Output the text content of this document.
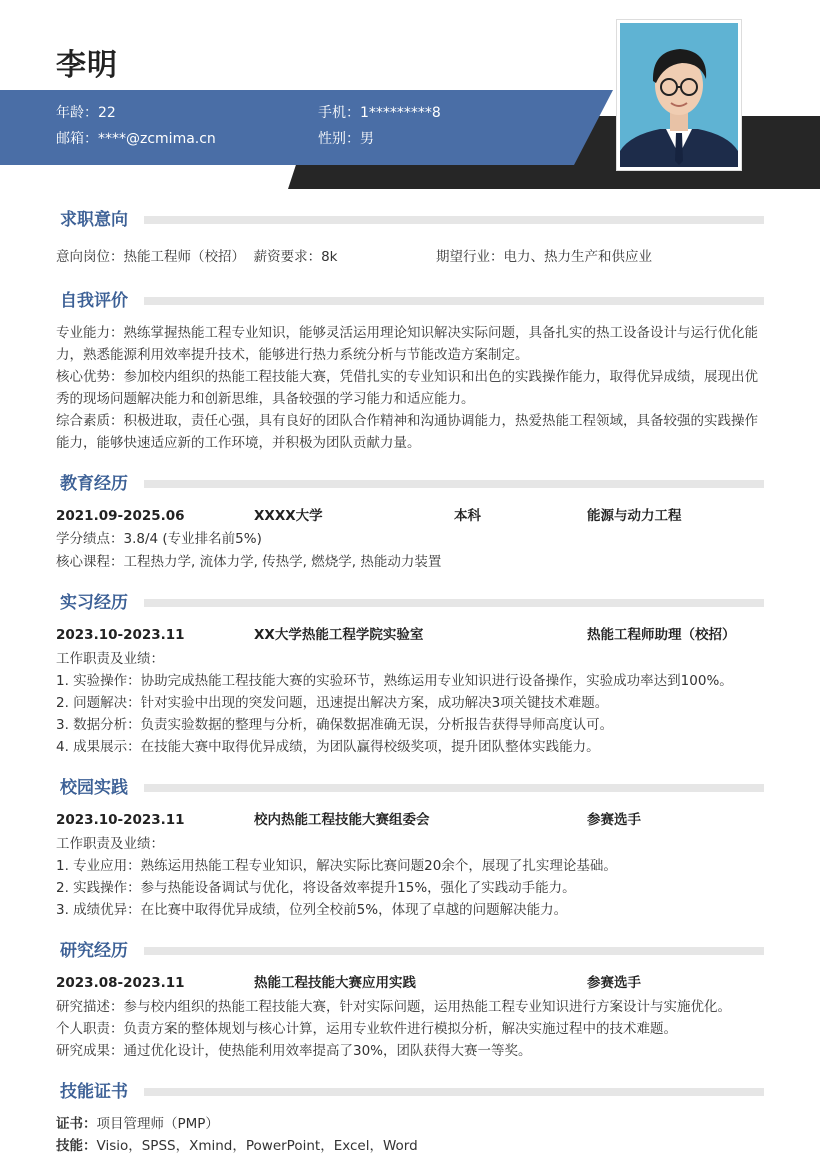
李明
年龄：22	手机：1*********8
邮箱：****@zcmima.cn	性别：男
求职意向
意向岗位：热能工程师（校招） 薪资要求：8k	期望行业：电力、热力生产和供应业
自我评价
专业能力：熟练掌握热能工程专业知识，能够灵活运用理论知识解决实际问题，具备扎实的热工设备设计与运行优化能力，熟悉能源利用效率提升技术，能够进行热力系统分析与节能改造方案制定。
核心优势：参加校内组织的热能工程技能大赛，凭借扎实的专业知识和出色的实践操作能力，取得优异成绩，展现出优秀的现场问题解决能力和创新思维，具备较强的学习能力和适应能力。
综合素质：积极进取，责任心强，具有良好的团队合作精神和沟通协调能力，热爱热能工程领域，具备较强的实践操作能力，能够快速适应新的工作环境，并积极为团队贡献力量。
教育经历
2021.09-2025.06	XXXX大学	本科	能源与动力工程
学分绩点：3.8/4 (专业排名前5%)
核心课程：工程热力学, 流体力学, 传热学, 燃烧学, 热能动力装置
实习经历
2023.10-2023.11	XX大学热能工程学院实验室	热能工程师助理（校招）
工作职责及业绩：
1. 实验操作：协助完成热能工程技能大赛的实验环节，熟练运用专业知识进行设备操作，实验成功率达到100%。
2. 问题解决：针对实验中出现的突发问题，迅速提出解决方案，成功解决3项关键技术难题。
3. 数据分析：负责实验数据的整理与分析，确保数据准确无误，分析报告获得导师高度认可。
4. 成果展示：在技能大赛中取得优异成绩，为团队赢得校级奖项，提升团队整体实践能力。
校园实践
2023.10-2023.11	校内热能工程技能大赛组委会	参赛选手
工作职责及业绩：
1. 专业应用：熟练运用热能工程专业知识，解决实际比赛问题20余个，展现了扎实理论基础。
2. 实践操作：参与热能设备调试与优化，将设备效率提升15%，强化了实践动手能力。
3. 成绩优异：在比赛中取得优异成绩，位列全校前5%，体现了卓越的问题解决能力。
研究经历
2023.08-2023.11	热能工程技能大赛应用实践	参赛选手
研究描述：参与校内组织的热能工程技能大赛，针对实际问题，运用热能工程专业知识进行方案设计与实施优化。
个人职责：负责方案的整体规划与核心计算，运用专业软件进行模拟分析，解决实施过程中的技术难题。
研究成果：通过优化设计，使热能利用效率提高了30%，团队获得大赛一等奖。
技能证书
证书：项目管理师（PMP）
技能：Visio，SPSS，Xmind，PowerPoint，Excel，Word
